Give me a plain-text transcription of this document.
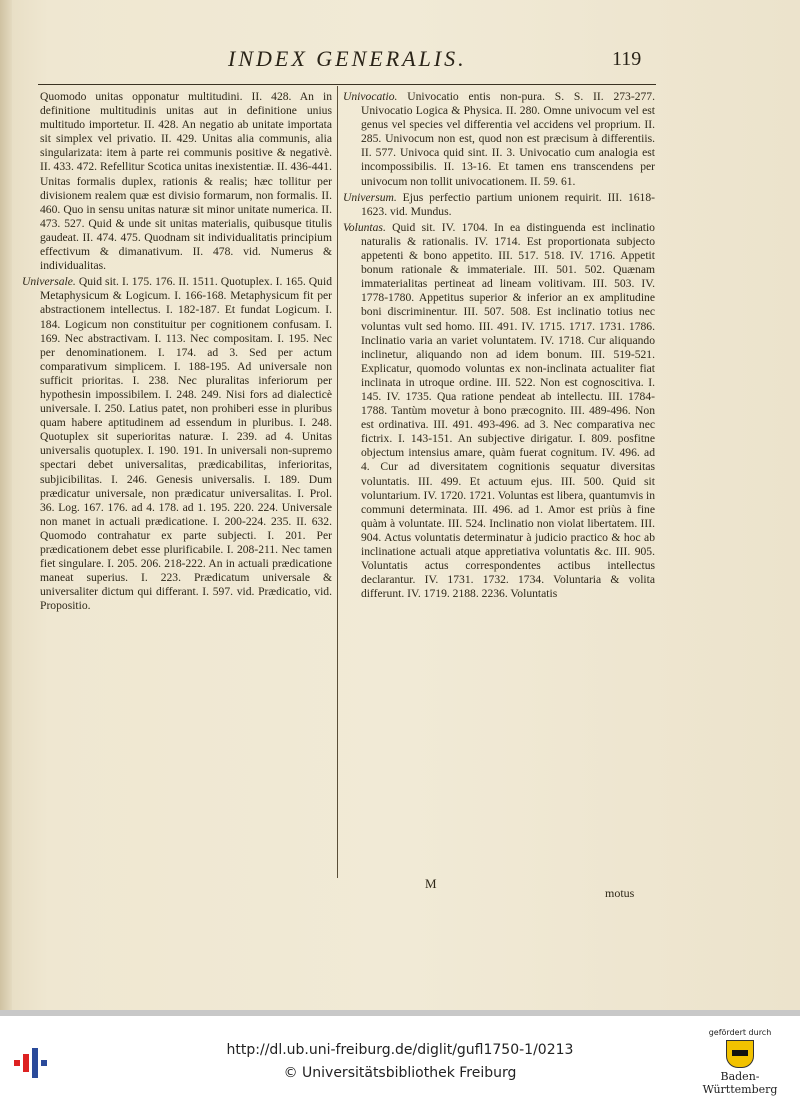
INDEX GENERALIS.	119

Quomodo unitas opponatur multitudini. II. 428. An in definitione multitudinis unitas aut in definitione unius multitudo importetur. II. 428. An negatio ab unitate importata sit simplex vel privatio. II. 429. Unitas alia communis, alia singularizata: item à parte rei communis positive & negativè. II. 433. 472. Refellitur Scotica unitas inexistentiæ. II. 436-441. Unitas formalis duplex, rationis & realis; hæc tollitur per divisionem realem quæ est divisio formarum, non formalis. II. 460. Quo in sensu unitas naturæ sit minor unitate numerica. II. 473. 527. Quid & unde sit unitas materialis, quibusque titulis gaudeat. II. 474. 475. Quodnam sit individualitatis principium effectivum & dimanativum. II. 478. vid. Numerus & individualitas.

Universale. Quid sit. I. 175. 176. II. 1511. Quotuplex. I. 165. Quid Metaphysicum & Logicum. I. 166-168. Metaphysicum fit per abstractionem intellectus. I. 182-187. Et fundat Logicum. I. 184. Logicum non constituitur per cognitionem confusam. I. 169. Nec abstractivam. I. 113. Nec compositam. I. 195. Nec per denominationem. I. 174. ad 3. Sed per actum comparativum simplicem. I. 188-195. Ad universale non sufficit prioritas. I. 238. Nec pluralitas inferiorum per hypothesin impossibilem. I. 248. 249. Nisi fors ad dialecticè universale. I. 250. Latius patet, non prohiberi esse in pluribus quam habere aptitudinem ad essendum in pluribus. I. 248. Quotuplex sit superioritas naturæ. I. 239. ad 4. Unitas universalis quotuplex. I. 190. 191. In universali non-supremo spectari debet universalitas, prædicabilitas, inferioritas, subjicibilitas. I. 246. Genesis universalis. I. 189. Dum prædicatur universale, non prædicatur universalitas. I. Prol. 36. Log. 167. 176. ad 4. 178. ad 1. 195. 220. 224. Universale non manet in actuali prædicatione. I. 200-224. 235. II. 632. Quomodo contrahatur ex parte subjecti. I. 201. Per prædicationem debet esse plurificabile. I. 208-211. Nec tamen fiet singulare. I. 205. 206. 218-222. An in actuali prædicatione maneat superius. I. 223. Prædicatum universale & universaliter dictum qui differant. I. 597. vid. Prædicatio, vid. Propositio.

Univocatio. Univocatio entis non-pura. S. S. II. 273-277. Univocatio Logica & Physica. II. 280. Omne univocum vel est genus vel species vel differentia vel accidens vel proprium. II. 285. Univocum non est, quod non est præcisum à differentiis. II. 577. Univoca quid sint. II. 3. Univocatio cum analogia est incompossibilis. II. 13-16. Et tamen ens transcendens per univocum non tollit univocationem. II. 59. 61.

Universum. Ejus perfectio partium unionem requirit. III. 1618-1623. vid. Mundus.

Voluntas. Quid sit. IV. 1704. In ea distinguenda est inclinatio naturalis & rationalis. IV. 1714. Est proportionata subjecto appetenti & bono appetito. III. 517. 518. IV. 1716. Appetit bonum rationale & immateriale. III. 501. 502. Quænam immaterialitas pertineat ad lineam volitivam. III. 503. IV. 1778-1780. Appetitus superior & inferior an ex amplitudine boni discriminentur. III. 507. 508. Est inclinatio totius nec voluntas vult sed homo. III. 491. IV. 1715. 1717. 1731. 1786. Inclinatio varia an variet voluntatem. IV. 1718. Cur aliquando inclinetur, aliquando non ad idem bonum. III. 519-521. Explicatur, quomodo voluntas ex non-inclinata actualiter fiat inclinata in utroque ordine. III. 522. Non est cognoscitiva. I. 145. IV. 1735. Qua ratione pendeat ab intellectu. III. 1784-1788. Tantùm movetur à bono præcognito. III. 489-496. Non est ordinativa. III. 491. 493-496. ad 3. Nec comparativa nec fictrix. I. 143-151. An subjective dirigatur. I. 809. posfitne objectum intensius amare, quàm fuerat cognitum. IV. 496. ad 4. Cur ad diversitatem cognitionis sequatur diversitas voluntatis. III. 499. Et actuum ejus. III. 500. Quid sit voluntarium. IV. 1720. 1721. Voluntas est libera, quantumvis in communi determinata. III. 496. ad 1. Amor est priùs à fine quàm à voluntate. III. 524. Inclinatio non violat libertatem. III. 904. Actus voluntatis determinatur à judicio practico & hoc ab inclinatione actuali atque appretiativa voluntatis &c. III. 905. Voluntatis actus correspondentes actibus intellectus declarantur. IV. 1731. 1732. 1734. Voluntaria & volita differunt. IV. 1719. 2188. 2236. Voluntatis

M
motus
http://dl.ub.uni-freiburg.de/diglit/gufl1750-1/0213
© Universitätsbibliothek Freiburg
gefördert durch
Baden-Württemberg
